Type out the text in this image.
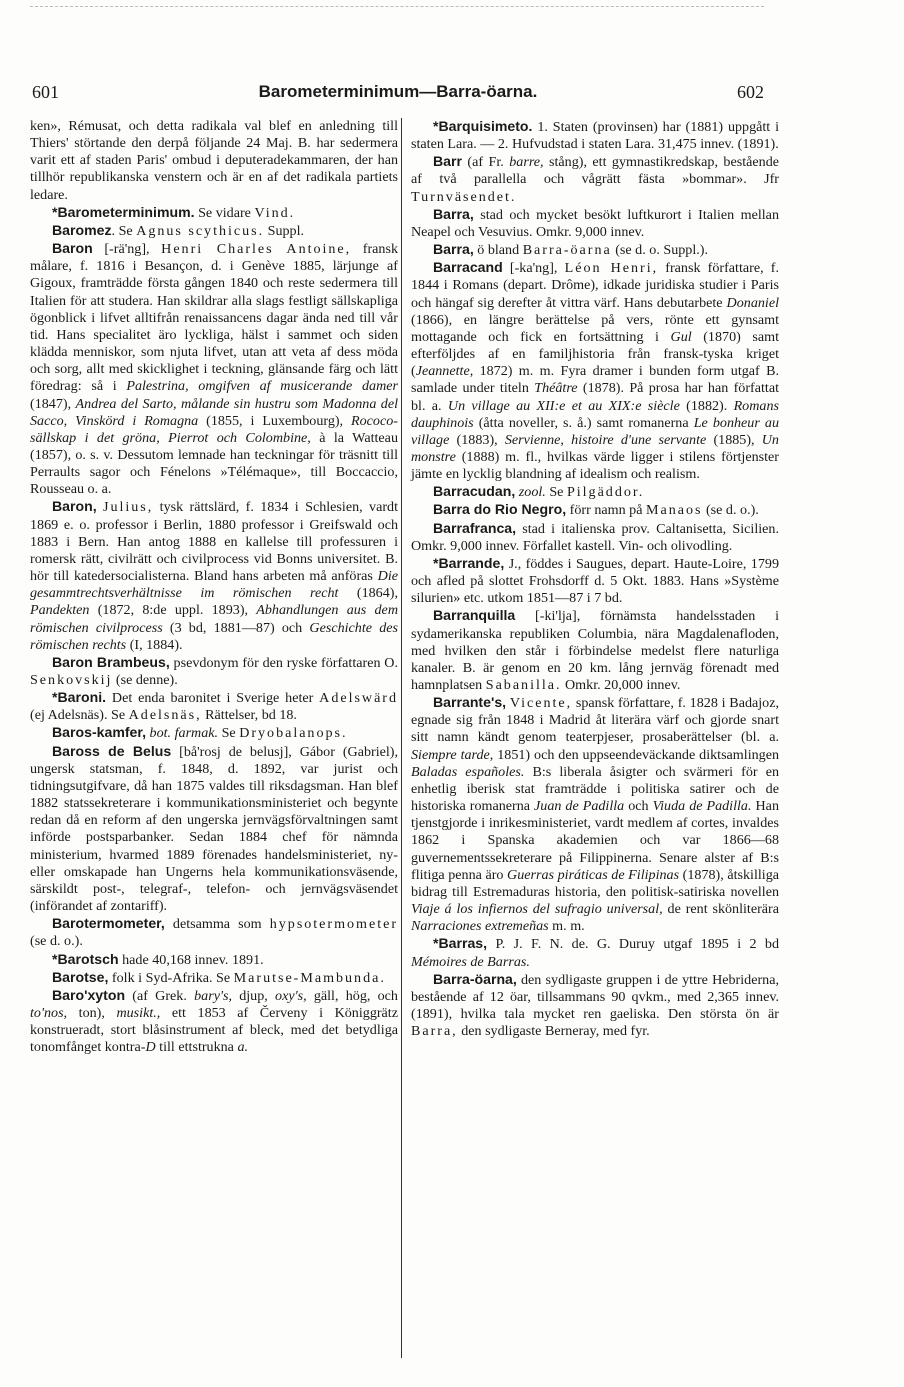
601	Barometerminimum—Barra-öarna.	602

ken», Rémusat, och detta radikala val blef en anledning till Thiers' störtande den derpå följande 24 Maj. B. har sedermera varit ett af staden Paris' ombud i deputeradekammaren, der han tillhör republikanska venstern och är en af det radikala partiets ledare.

*Barometerminimum. Se vidare Vind.

Baromez. Se Agnus scythicus. Suppl.

Baron [-rä'ng], Henri Charles Antoine, fransk målare, f. 1816 i Besançon, d. i Genève 1885, lärjunge af Gigoux, framträdde första gången 1840 och reste sedermera till Italien för att studera. Han skildrar alla slags festligt sällskapliga ögonblick i lifvet alltifrån renaissancens dagar ända ned till vår tid. Hans specialitet äro lyckliga, hälst i sammet och siden klädda menniskor, som njuta lifvet, utan att veta af dess möda och sorg, allt med skicklighet i teckning, glänsande färg och lätt föredrag: så i Palestrina, omgifven af musicerande damer (1847), Andrea del Sarto, målande sin hustru som Madonna del Sacco, Vinskörd i Romagna (1855, i Luxembourg), Rococo-sällskap i det gröna, Pierrot och Colombine, à la Watteau (1857), o. s. v. Dessutom lemnade han teckningar för träsnitt till Perraults sagor och Fénelons »Télémaque», till Boccaccio, Rousseau o. a.

Baron, Julius, tysk rättslärd, f. 1834 i Schlesien, vardt 1869 e. o. professor i Berlin, 1880 professor i Greifswald och 1883 i Bern. Han antog 1888 en kallelse till professuren i romersk rätt, civilrätt och civilprocess vid Bonns universitet. B. hör till katedersocialisterna. Bland hans arbeten må anföras Die gesammtrechtsverhältnisse im römischen recht (1864), Pandekten (1872, 8:de uppl. 1893), Abhandlungen aus dem römischen civilprocess (3 bd, 1881—87) och Geschichte des römischen rechts (I, 1884).

Baron Brambeus, psevdonym för den ryske författaren O. Senkovskij (se denne).

*Baroni. Det enda baronitet i Sverige heter Adelswärd (ej Adelsnäs). Se Adelsnäs, Rättelser, bd 18.

Baros-kamfer, bot. farmak. Se Dryobalanops.

Baross de Belus [bå'rosj de belusj], Gábor (Gabriel), ungersk statsman, f. 1848, d. 1892, var jurist och tidningsutgifvare, då han 1875 valdes till riksdagsman. Han blef 1882 statssekreterare i kommunikationsministeriet och begynte redan då en reform af den ungerska jernvägsförvaltningen samt införde postsparbanker. Sedan 1884 chef för nämnda ministerium, hvarmed 1889 förenades handelsministeriet, ny- eller omskapade han Ungerns hela kommunikationsväsende, särskildt post-, telegraf-, telefon- och jernvägsväsendet (införandet af zontariff).

Barotermometer, detsamma som hypsotermometer (se d. o.).

*Barotsch hade 40,168 innev. 1891.

Barotse, folk i Syd-Afrika. Se Marutse-Mambunda.

Baro'xyton (af Grek. bary's, djup, oxy's, gäll, hög, och to'nos, ton), musikt., ett 1853 af Červeny i Königgrätz konstrueradt, stort blåsinstrument af bleck, med det betydliga tonomfånget kontra-D till ettstrukna a.

*Barquisimeto. 1. Staten (provinsen) har (1881) uppgått i staten Lara. — 2. Hufvudstad i staten Lara. 31,475 innev. (1891).

Barr (af Fr. barre, stång), ett gymnastikredskap, bestående af två parallella och vågrätt fästa »bommar». Jfr Turnväsendet.

Barra, stad och mycket besökt luftkurort i Italien mellan Neapel och Vesuvius. Omkr. 9,000 innev.

Barra, ö bland Barra-öarna (se d. o. Suppl.).

Barracand [-ka'ng], Léon Henri, fransk författare, f. 1844 i Romans (depart. Drôme), idkade juridiska studier i Paris och hängaf sig derefter åt vittra värf. Hans debutarbete Donaniel (1866), en längre berättelse på vers, rönte ett gynsamt mottagande och fick en fortsättning i Gul (1870) samt efterföljdes af en familjhistoria från fransk-tyska kriget (Jeannette, 1872) m. m. Fyra dramer i bunden form utgaf B. samlade under titeln Théâtre (1878). På prosa har han författat bl. a. Un village au XII:e et au XIX:e siècle (1882). Romans dauphinois (åtta noveller, s. å.) samt romanerna Le bonheur au village (1883), Servienne, histoire d'une servante (1885), Un monstre (1888) m. fl., hvilkas värde ligger i stilens förtjenster jämte en lycklig blandning af idealism och realism.

Barracudan, zool. Se Pilgäddor.

Barra do Rio Negro, förr namn på Manaos (se d. o.).

Barrafranca, stad i italienska prov. Caltanisetta, Sicilien. Omkr. 9,000 innev. Förfallet kastell. Vin- och olivodling.

*Barrande, J., föddes i Saugues, depart. Haute-Loire, 1799 och afled på slottet Frohsdorff d. 5 Okt. 1883. Hans »Système silurien» etc. utkom 1851—87 i 7 bd.

Barranquilla [-ki'lja], förnämsta handelsstaden i sydamerikanska republiken Columbia, nära Magdalenafloden, med hvilken den står i förbindelse medelst flere naturliga kanaler. B. är genom en 20 km. lång jernväg förenadt med hamnplatsen Sabanilla. Omkr. 20,000 innev.

Barrante's, Vicente, spansk författare, f. 1828 i Badajoz, egnade sig från 1848 i Madrid åt literära värf och gjorde snart sitt namn kändt genom teaterpjeser, prosaberättelser (bl. a. Siempre tarde, 1851) och den uppseendeväckande diktsamlingen Baladas españoles. B:s liberala åsigter och svärmeri för en enhetlig iberisk stat framträdde i politiska satirer och de historiska romanerna Juan de Padilla och Viuda de Padilla. Han tjenstgjorde i inrikesministeriet, vardt medlem af cortes, invaldes 1862 i Spanska akademien och var 1866—68 guvernementssekreterare på Filippinerna. Senare alster af B:s flitiga penna äro Guerras piráticas de Filipinas (1878), åtskilliga bidrag till Estremaduras historia, den politisk-satiriska novellen Viaje á los infiernos del sufragio universal, de rent skönliterära Narraciones extremeñas m. m.

*Barras, P. J. F. N. de. G. Duruy utgaf 1895 i 2 bd Mémoires de Barras.

Barra-öarna, den sydligaste gruppen i de yttre Hebriderna, bestående af 12 öar, tillsammans 90 qvkm., med 2,365 innev. (1891), hvilka tala mycket ren gaeliska. Den största ön är Barra, den sydligaste Berneray, med fyr.
